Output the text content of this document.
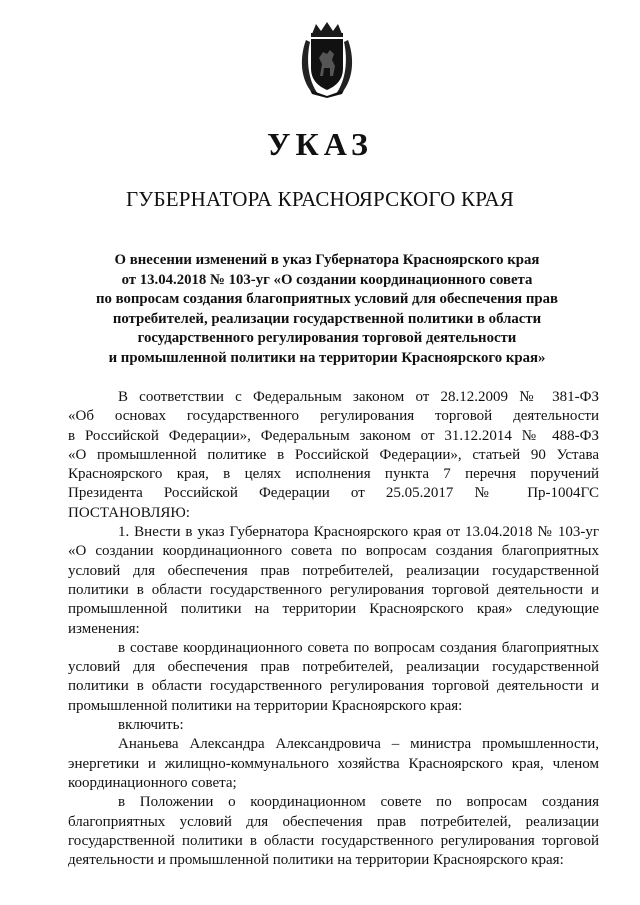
УКАЗ
ГУБЕРНАТОРА КРАСНОЯРСКОГО КРАЯ
О внесении изменений в указ Губернатора Красноярского края
от 13.04.2018 № 103-уг «О создании координационного совета
по вопросам создания благоприятных условий для обеспечения прав
потребителей, реализации государственной политики в области
государственного регулирования торговой деятельности
и промышленной политики на территории Красноярского края»
В соответствии с Федеральным законом от 28.12.2009 № 381-ФЗ
«Об основах государственного регулирования торговой деятельности
в Российской Федерации», Федеральным законом от 31.12.2014 № 488-ФЗ
«О промышленной политике в Российской Федерации», статьей 90 Устава
Красноярского края, в целях исполнения пункта 7 перечня поручений
Президента Российской Федерации от 25.05.2017 № Пр-1004ГС
ПОСТАНОВЛЯЮ:
1. Внести в указ Губернатора Красноярского края от 13.04.2018 № 103-уг
«О создании координационного совета по вопросам создания благоприятных
условий для обеспечения прав потребителей, реализации государственной
политики в области государственного регулирования торговой деятельности и
промышленной политики на территории Красноярского края» следующие
изменения:
в составе координационного совета по вопросам создания благоприятных
условий для обеспечения прав потребителей, реализации государственной
политики в области государственного регулирования торговой деятельности и
промышленной политики на территории Красноярского края:
включить:
Ананьева Александра Александровича – министра промышленности,
энергетики и жилищно-коммунального хозяйства Красноярского края, членом
координационного совета;
в Положении о координационном совете по вопросам создания
благоприятных условий для обеспечения прав потребителей, реализации
государственной политики в области государственного регулирования торговой
деятельности и промышленной политики на территории Красноярского края:
